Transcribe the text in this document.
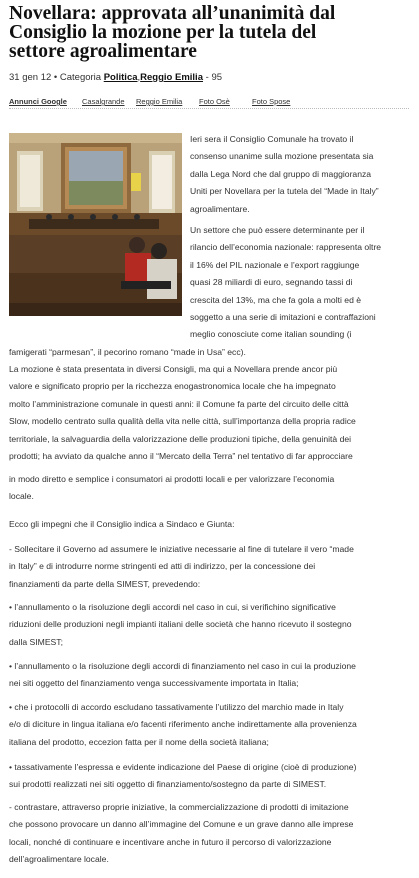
Novellara: approvata all’unanimità dal
Consiglio la mozione per la tutela del
settore agroalimentare
31 gen 12 • Categoria Politica,Reggio Emilia - 95
Annunci Google Casalgrande Reggio Emilia Foto Osè	Foto Spose
Ieri sera il Consiglio Comunale ha trovato il
consenso unanime sulla mozione presentata sia
dalla Lega Nord che dal gruppo di maggioranza
Uniti per Novellara per la tutela del “Made in Italy”
agroalimentare.
Un settore che può essere determinante per il
rilancio dell’economia nazionale: rappresenta oltre
il 16% del PIL nazionale e l’export raggiunge
quasi 28 miliardi di euro, segnando tassi di
crescita del 13%, ma che fa gola a molti ed è
soggetto a una serie di imitazioni e contraffazioni
meglio conosciute come italian sounding (i
famigerati “parmesan”, il pecorino romano “made in Usa” ecc).
La mozione è stata presentata in diversi Consigli, ma qui a Novellara prende ancor più
valore e significato proprio per la ricchezza enogastronomica locale che ha impegnato
molto l’amministrazione comunale in questi anni: il Comune fa parte del circuito delle città
Slow, modello centrato sulla qualità della vita nelle città, sull’importanza della propria radice
territoriale, la salvaguardia della valorizzazione delle produzioni tipiche, della genuinità dei
prodotti; ha avviato da qualche anno il “Mercato della Terra” nel tentativo di far approcciare
in modo diretto e semplice i consumatori ai prodotti locali e per valorizzare l’economia
locale.
Ecco gli impegni che il Consiglio indica a Sindaco e Giunta:
- Sollecitare il Governo ad assumere le iniziative necessarie al fine di tutelare il vero “made
in Italy” e di introdurre norme stringenti ed atti di indirizzo, per la concessione dei
finanziamenti da parte della SIMEST, prevedendo:
• l’annullamento o la risoluzione degli accordi nel caso in cui, si verifichino significative
riduzioni delle produzioni negli impianti italiani delle società che hanno ricevuto il sostegno
dalla SIMEST;
• l’annullamento o la risoluzione degli accordi di finanziamento nel caso in cui la produzione
nei siti oggetto del finanziamento venga successivamente importata in Italia;
• che i protocolli di accordo escludano tassativamente l’utilizzo del marchio made in Italy
e/o di diciture in lingua italiana e/o facenti riferimento anche indirettamente alla provenienza
italiana del prodotto, eccezion fatta per il nome della società italiana;
• tassativamente l’espressa e evidente indicazione del Paese di origine (cioè di produzione)
sui prodotti realizzati nei siti oggetto di finanziamento/sostegno da parte di SIMEST.
- contrastare, attraverso proprie iniziative, la commercializzazione di prodotti di imitazione
che possono provocare un danno all’immagine del Comune e un grave danno alle imprese
locali, nonché di continuare e incentivare anche in futuro il percorso di valorizzazione
dell’agroalimentare locale.
